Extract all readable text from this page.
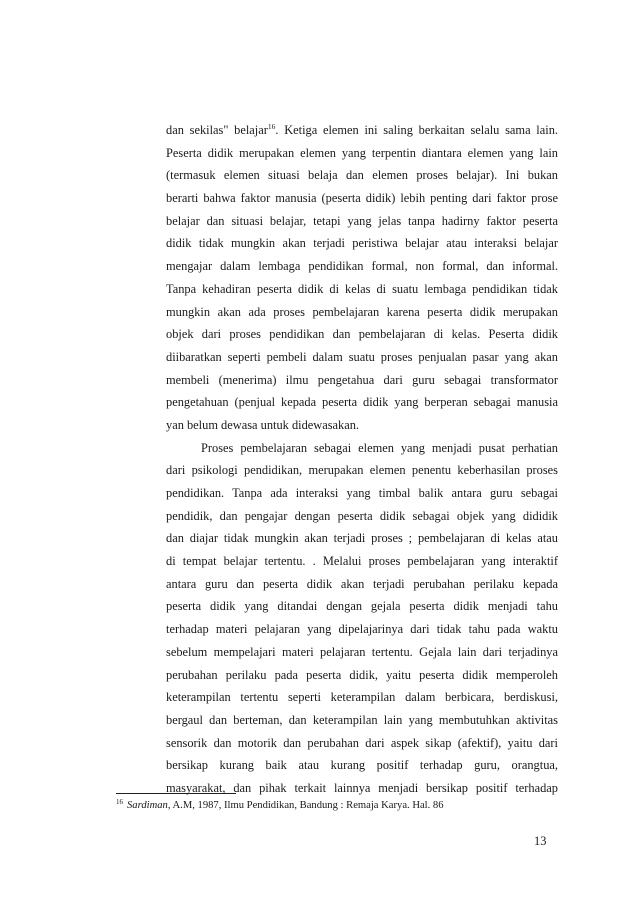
dan sekilas" belajar$^{16}$. Ketiga elemen ini saling berkaitan selalu sama lain.
Peserta didik merupakan elemen yang terpentin diantara elemen yang lain
(termasuk elemen situasi belaja dan elemen proses belajar). Ini bukan
berarti bahwa faktor manusia (peserta didik) lebih penting dari faktor prose
belajar dan situasi belajar, tetapi yang jelas tanpa hadirny faktor peserta
didik tidak mungkin akan terjadi peristiwa belajar atau interaksi belajar
mengajar dalam lembaga pendidikan formal, non formal, dan informal.
Tanpa kehadiran peserta didik di kelas di suatu lembaga pendidikan tidak
mungkin akan ada proses pembelajaran karena peserta didik merupakan
objek dari proses pendidikan dan pembelajaran di kelas. Peserta didik
diibaratkan seperti pembeli dalam suatu proses penjualan pasar yang akan
membeli (menerima) ilmu pengetahua dari guru sebagai transformator
pengetahuan (penjual kepada peserta didik yang berperan sebagai manusia
yan belum dewasa untuk didewasakan.
Proses pembelajaran sebagai elemen yang menjadi pusat perhatian
dari psikologi pendidikan, merupakan elemen penentu keberhasilan proses
pendidikan. Tanpa ada interaksi yang timbal balik antara guru sebagai
pendidik, dan pengajar dengan peserta didik sebagai objek yang dididik
dan diajar tidak mungkin akan terjadi proses ; pembelajaran di kelas atau
di tempat belajar tertentu. . Melalui proses pembelajaran yang interaktif
antara guru dan peserta didik akan terjadi perubahan perilaku kepada
peserta didik yang ditandai dengan gejala peserta didik menjadi tahu
terhadap materi pelajaran yang dipelajarinya dari tidak tahu pada waktu
sebelum mempelajari materi pelajaran tertentu. Gejala lain dari terjadinya
perubahan perilaku pada peserta didik, yaitu peserta didik memperoleh
keterampilan tertentu seperti keterampilan dalam berbicara, berdiskusi,
bergaul dan berteman, dan keterampilan lain yang membutuhkan aktivitas
sensorik dan motorik dan perubahan dari aspek sikap (afektif), yaitu dari
bersikap kurang baik atau kurang positif terhadap guru, orangtua,
masyarakat, dan pihak terkait lainnya menjadi bersikap positif terhadap
$^{16}$ Sardiman, A.M, 1987, Ilmu Pendidikan, Bandung : Remaja Karya. Hal. 86
13
